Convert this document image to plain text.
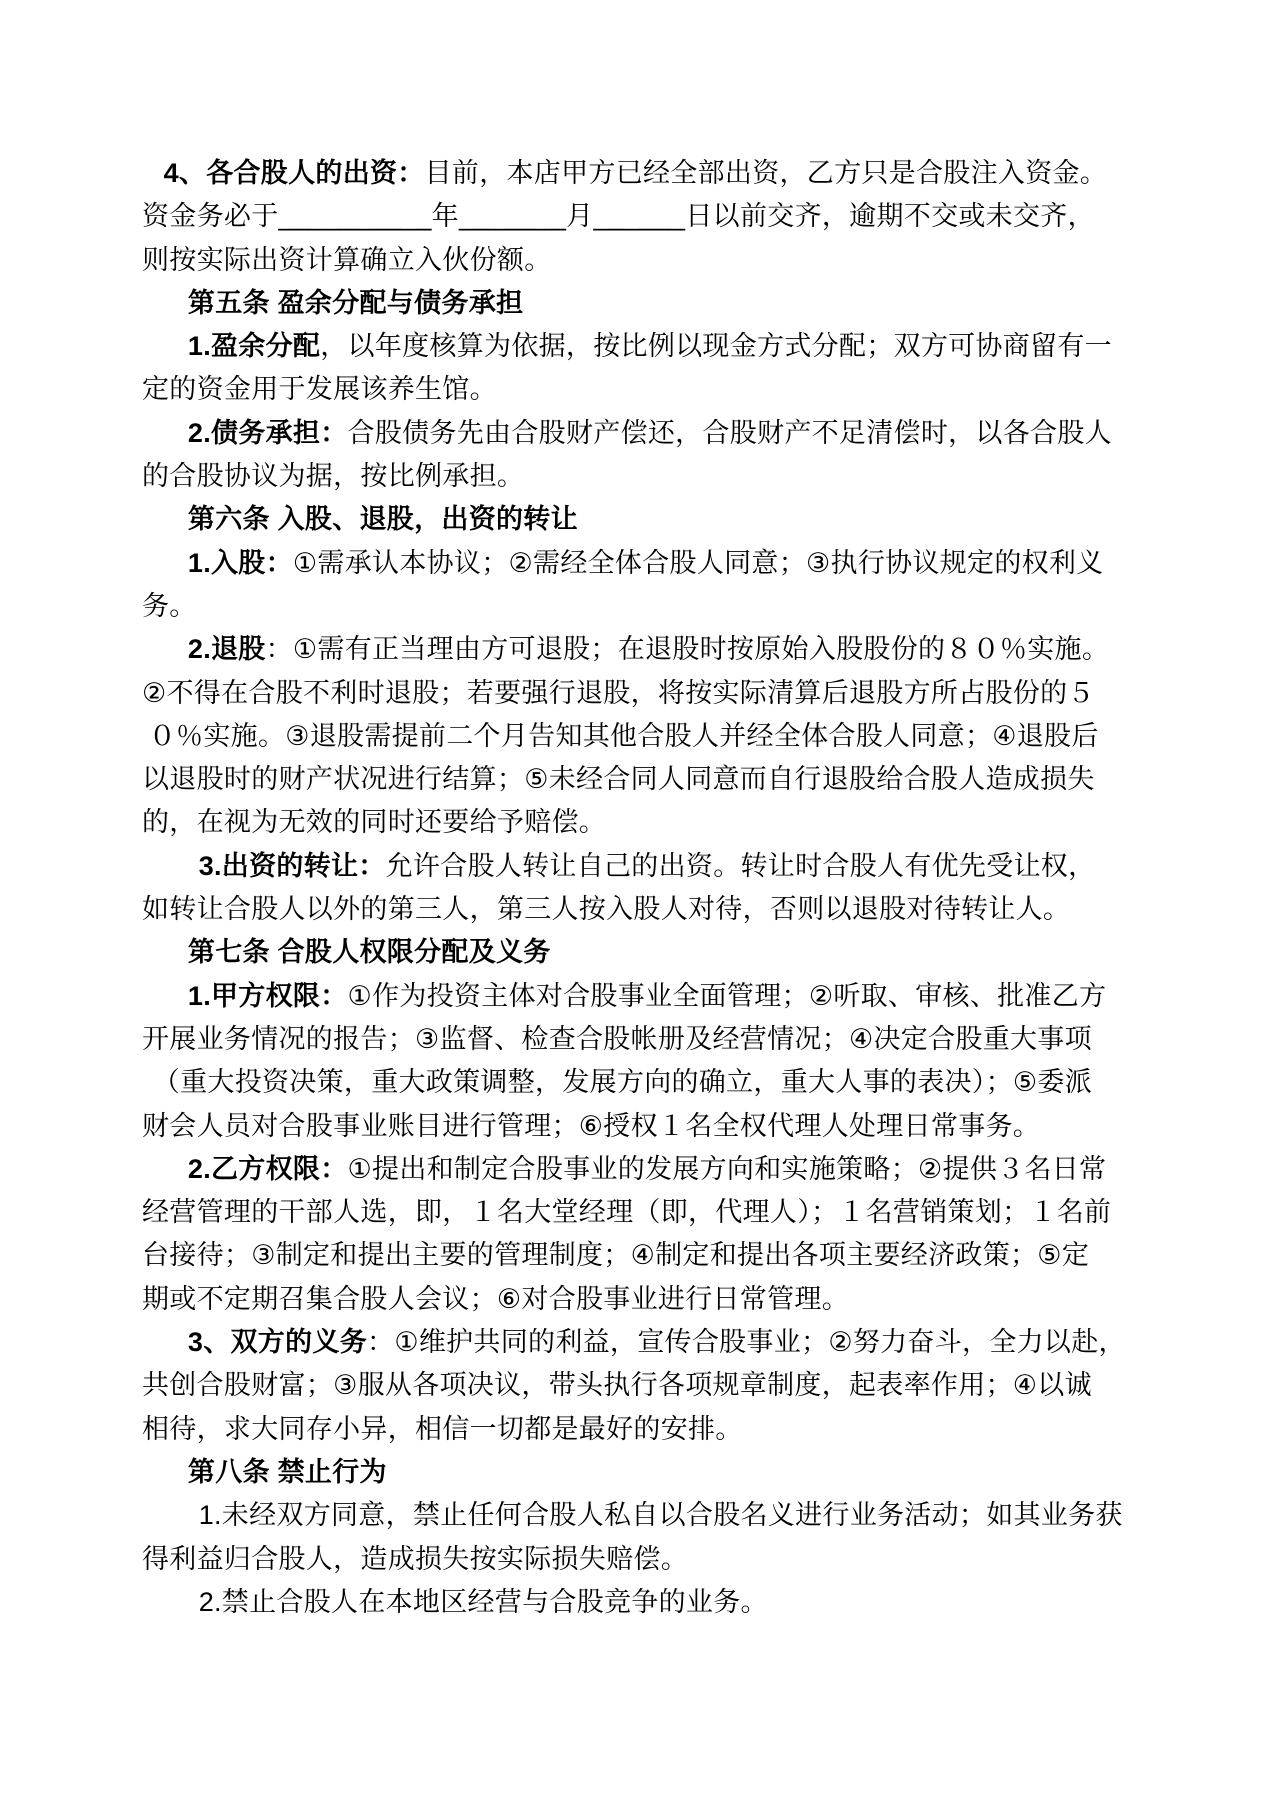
4、各合股人的出资：目前，本店甲方已经全部出资，乙方只是合股注入资金。
资金务必于__________年_______月______日以前交齐，逾期不交或未交齐，
则按实际出资计算确立入伙份额。
第五条 盈余分配与债务承担
1.盈余分配，以年度核算为依据，按比例以现金方式分配；双方可协商留有一
定的资金用于发展该养生馆。
2.债务承担：合股债务先由合股财产偿还，合股财产不足清偿时，以各合股人
的合股协议为据，按比例承担。
第六条 入股、退股，出资的转让
1.入股：①需承认本协议；②需经全体合股人同意；③执行协议规定的权利义
务。
2.退股：①需有正当理由方可退股；在退股时按原始入股股份的８０％实施。
②不得在合股不利时退股；若要强行退股，将按实际清算后退股方所占股份的５
０％实施。③退股需提前二个月告知其他合股人并经全体合股人同意；④退股后
以退股时的财产状况进行结算；⑤未经合同人同意而自行退股给合股人造成损失
的，在视为无效的同时还要给予赔偿。
3.出资的转让：允许合股人转让自己的出资。转让时合股人有优先受让权，
如转让合股人以外的第三人，第三人按入股人对待，否则以退股对待转让人。
第七条 合股人权限分配及义务
1.甲方权限：①作为投资主体对合股事业全面管理；②听取、审核、批准乙方
开展业务情况的报告；③监督、检查合股帐册及经营情况；④决定合股重大事项
（重大投资决策，重大政策调整，发展方向的确立，重大人事的表决）；⑤委派
财会人员对合股事业账目进行管理；⑥授权１名全权代理人处理日常事务。
2.乙方权限：①提出和制定合股事业的发展方向和实施策略；②提供３名日常
经营管理的干部人选，即，１名大堂经理（即，代理人）；１名营销策划；１名前
台接待；③制定和提出主要的管理制度；④制定和提出各项主要经济政策；⑤定
期或不定期召集合股人会议；⑥对合股事业进行日常管理。
3、双方的义务：①维护共同的利益，宣传合股事业；②努力奋斗，全力以赴，
共创合股财富；③服从各项决议，带头执行各项规章制度，起表率作用；④以诚
相待，求大同存小异，相信一切都是最好的安排。
第八条 禁止行为
1.未经双方同意，禁止任何合股人私自以合股名义进行业务活动；如其业务获
得利益归合股人，造成损失按实际损失赔偿。
2.禁止合股人在本地区经营与合股竞争的业务。
